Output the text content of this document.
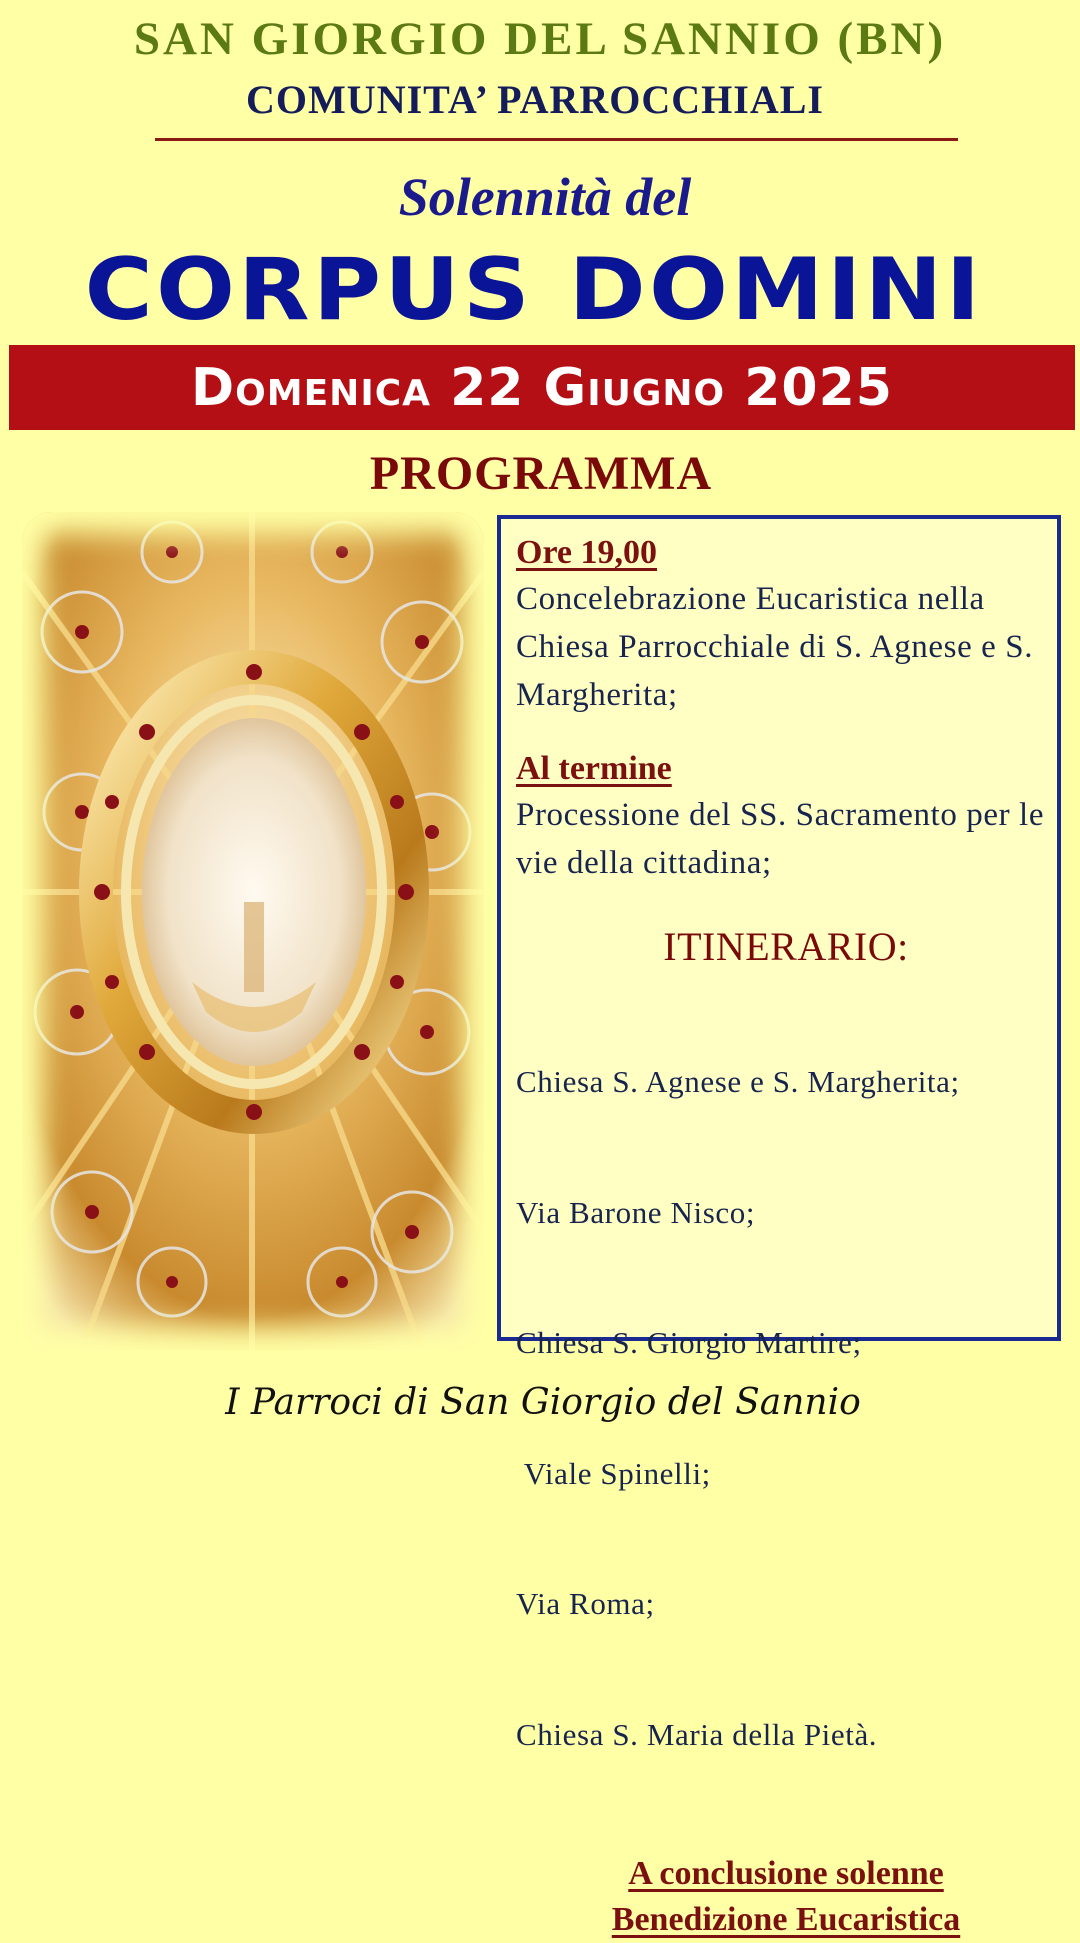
SAN GIORGIO DEL SANNIO (BN)
COMUNITA’ PARROCCHIALI
Solennità del
CORPUS DOMINI
Domenica 22 Giugno 2025
PROGRAMMA
Ore 19,00
Concelebrazione Eucaristica nella Chiesa Parrocchiale di S. Agnese e S. Margherita;
Al termine
Processione del SS. Sacramento per le vie della cittadina;
ITINERARIO:

Chiesa S. Agnese e S. Margherita;

Via Barone Nisco;

Chiesa S. Giorgio Martire;

Viale Spinelli;

Via Roma;

Chiesa S. Maria della Pietà.

A conclusione solenne
Benedizione Eucaristica
I Parroci di San Giorgio del Sannio
